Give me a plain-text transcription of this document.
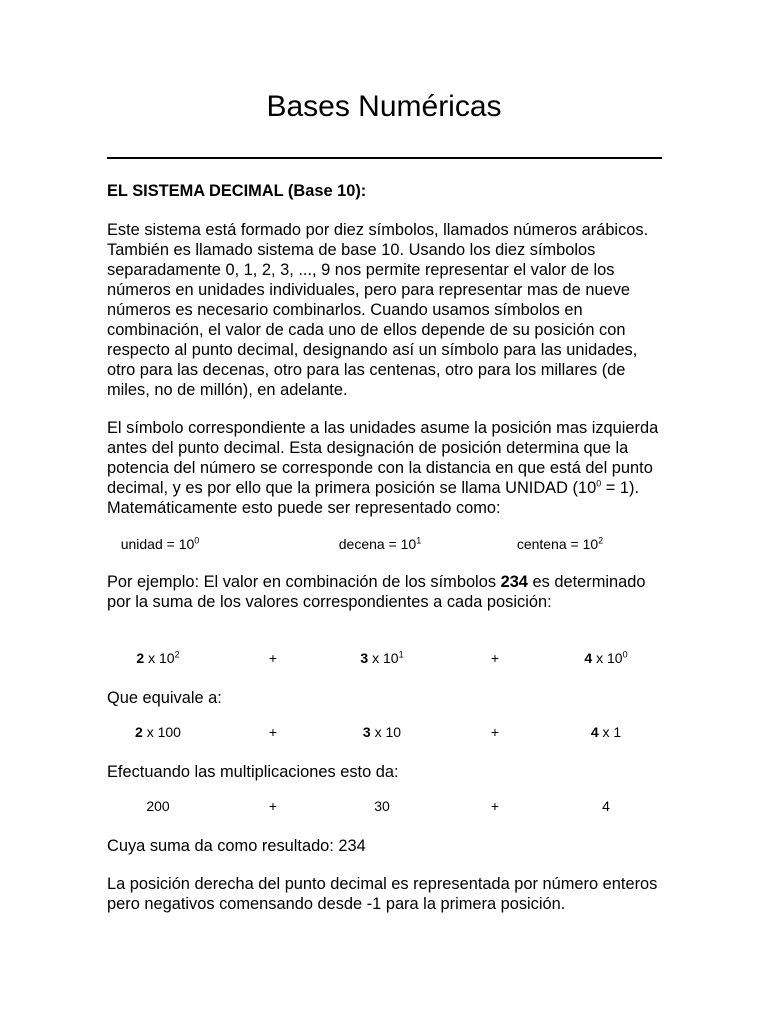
Bases Numéricas
EL SISTEMA DECIMAL (Base 10):

Este sistema está formado por diez símbolos, llamados números arábicos. También es llamado sistema de base 10. Usando los diez símbolos separadamente 0, 1, 2, 3, ..., 9 nos permite representar el valor de los números en unidades individuales, pero para representar mas de nueve números es necesario combinarlos. Cuando usamos símbolos en combinación, el valor de cada uno de ellos depende de su posición con respecto al punto decimal, designando así un símbolo para las unidades, otro para las decenas, otro para las centenas, otro para los millares (de miles, no de millón), en adelante.

El símbolo correspondiente a las unidades asume la posición mas izquierda antes del punto decimal. Esta designación de posición determina que la potencia del número se corresponde con la distancia en que está del punto decimal, y es por ello que la primera posición se llama UNIDAD $(10^0 = 1)$. Matemáticamente esto puede ser representado como:
unidad = $10^0$	decena = $10^1$	centena = $10^2$
Por ejemplo: El valor en combinación de los símbolos 234 es determinado por la suma de los valores correspondientes a cada posición:
2 x $10^2$	+	3 x $10^1$	+	4 x $10^0$
Que equivale a:
2 x 100	+	3 x 10	+	4 x 1
Efectuando las multiplicaciones esto da:
200	+	30	+	4
Cuya suma da como resultado: 234
La posición derecha del punto decimal es representada por número enteros pero negativos comensando desde -1 para la primera posición.
